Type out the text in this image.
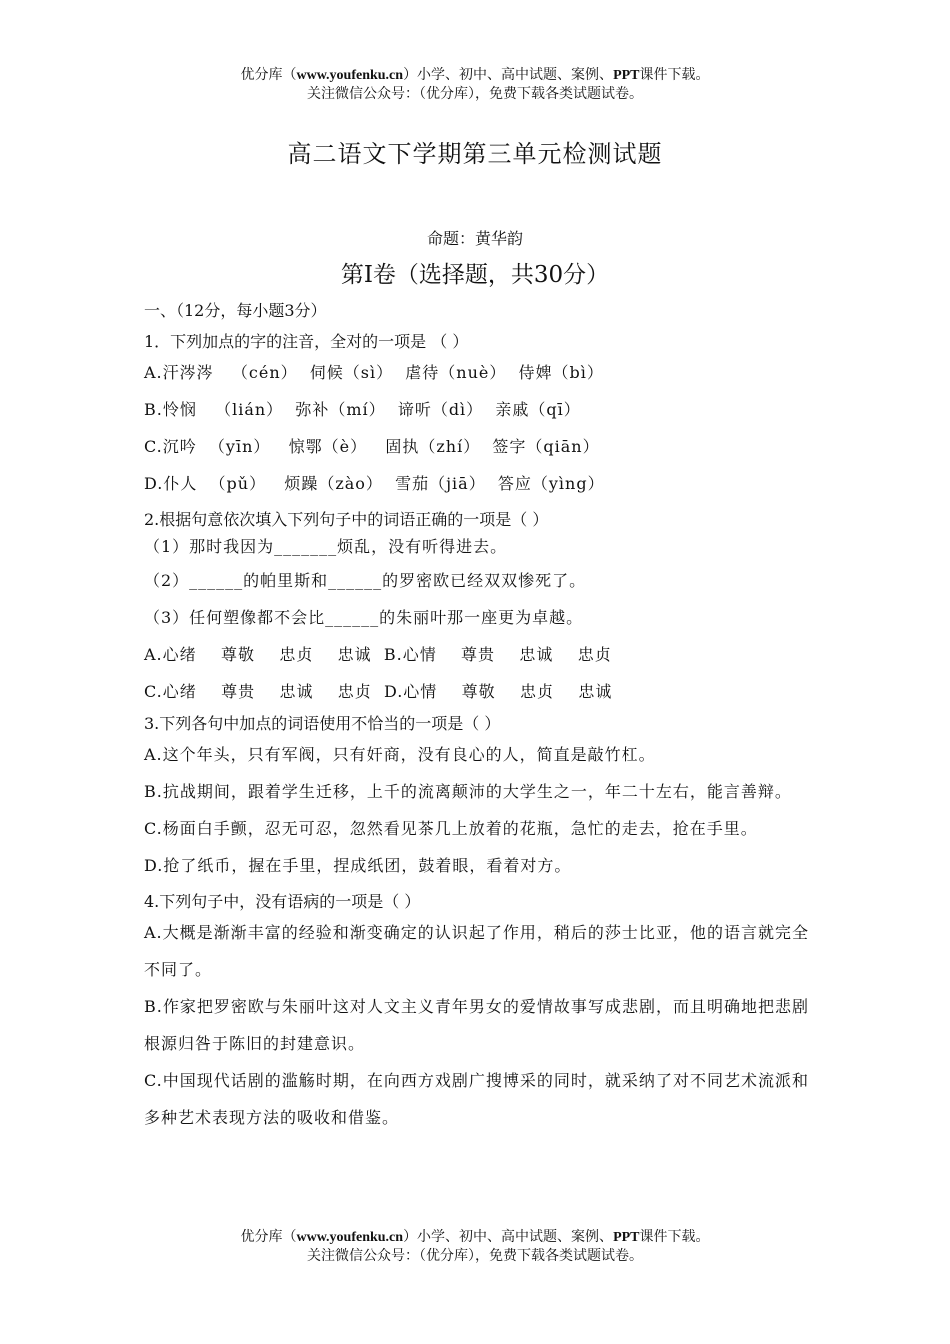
优分库（www.youfenku.cn）小学、初中、高中试题、案例、PPT课件下载。
关注微信公众号：（优分库），免费下载各类试题试卷。
高二语文下学期第三单元检测试题
命题：黄华韵
第Ⅰ卷（选择题，共30分）
一、（12分，每小题3分）
1．下列加点的字的注音，全对的一项是 （ ）
A.汗涔涔   （cén）  伺候（sì）  虐待（nuè）  侍婢（bì）
B.怜悯   （lián）  弥补（mí）  谛听（dì）  亲戚（qī）
C.沉吟  （yīn）   惊鄂（è）   固执（zhí）  签字（qiān）
D.仆人  （pǔ）   烦躁（zào）  雪茄（jiā）  答应（yìng）
2.根据句意依次填入下列句子中的词语正确的一项是（ ）
（1）那时我因为_______烦乱，没有听得进去。
（2）______的帕里斯和______的罗密欧已经双双惨死了。
（3）任何塑像都不会比______的朱丽叶那一座更为卓越。
A.心绪    尊敬    忠贞    忠诚  B.心情    尊贵    忠诚    忠贞
C.心绪    尊贵    忠诚    忠贞  D.心情    尊敬    忠贞    忠诚
3.下列各句中加点的词语使用不恰当的一项是（ ）
A.这个年头，只有军阀，只有奸商，没有良心的人，简直是敲竹杠。
B.抗战期间，跟着学生迁移，上千的流离颠沛的大学生之一，年二十左右，能言善辩。
C.杨面白手颤，忍无可忍，忽然看见茶几上放着的花瓶，急忙的走去，抢在手里。
D.抢了纸币，握在手里，捏成纸团，鼓着眼，看着对方。
4.下列句子中，没有语病的一项是（ ）
A.大概是渐渐丰富的经验和渐变确定的认识起了作用，稍后的莎士比亚，他的语言就完全不同了。
B.作家把罗密欧与朱丽叶这对人文主义青年男女的爱情故事写成悲剧，而且明确地把悲剧根源归咎于陈旧的封建意识。
C.中国现代话剧的滥觞时期，在向西方戏剧广搜博采的同时，就采纳了对不同艺术流派和多种艺术表现方法的吸收和借鉴。
优分库（www.youfenku.cn）小学、初中、高中试题、案例、PPT课件下载。
关注微信公众号：（优分库），免费下载各类试题试卷。
